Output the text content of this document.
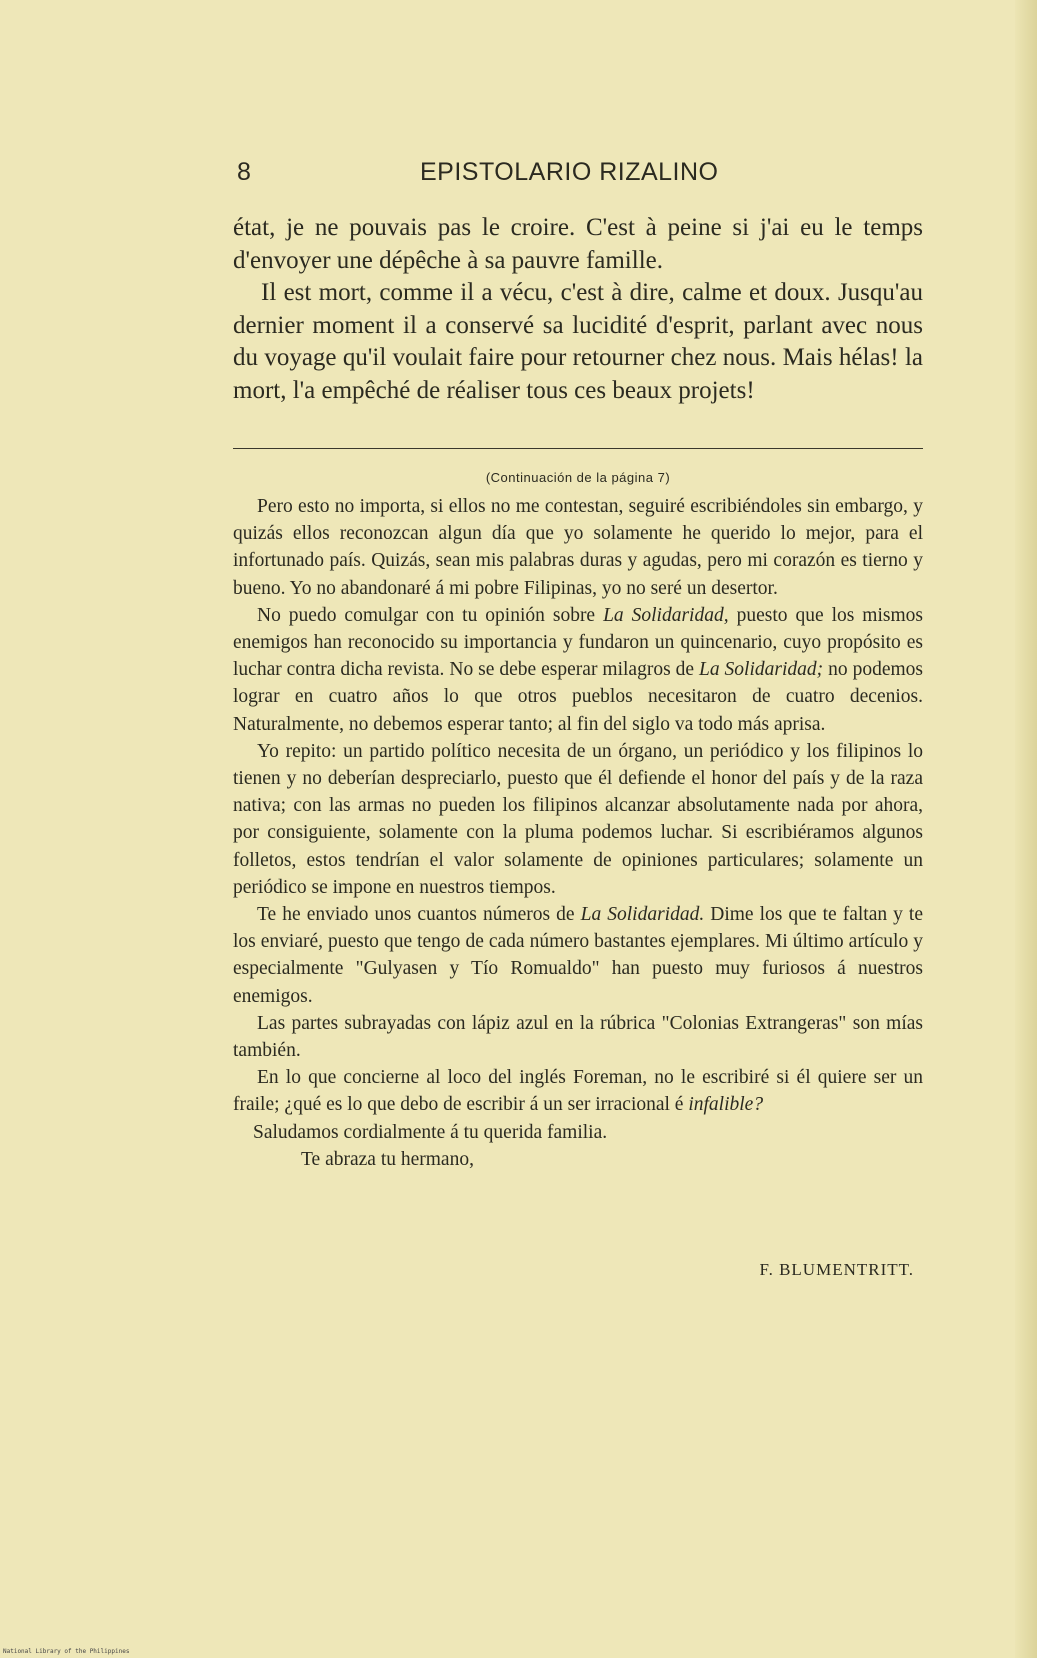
8	EPISTOLARIO RIZALINO

état, je ne pouvais pas le croire. C'est à peine si j'ai eu le temps d'envoyer une dépêche à sa pauvre famille.

Il est mort, comme il a vécu, c'est à dire, calme et doux. Jusqu'au dernier moment il a conservé sa lucidité d'esprit, parlant avec nous du voyage qu'il voulait faire pour retourner chez nous. Mais hélas! la mort, l'a empêché de réaliser tous ces beaux projets!

(Continuación de la página 7)

Pero esto no importa, si ellos no me contestan, seguiré escribiéndoles sin embargo, y quizás ellos reconozcan algun día que yo solamente he querido lo mejor, para el infortunado país. Quizás, sean mis palabras duras y agudas, pero mi corazón es tierno y bueno. Yo no abandonaré á mi pobre Filipinas, yo no seré un desertor.

No puedo comulgar con tu opinión sobre La Solidaridad, puesto que los mismos enemigos han reconocido su importancia y fundaron un quincenario, cuyo propósito es luchar contra dicha revista. No se debe esperar milagros de La Solidaridad; no podemos lograr en cuatro años lo que otros pueblos necesitaron de cuatro decenios. Naturalmente, no debemos esperar tanto; al fin del siglo va todo más aprisa.

Yo repito: un partido político necesita de un órgano, un periódico y los filipinos lo tienen y no deberían despreciarlo, puesto que él defiende el honor del país y de la raza nativa; con las armas no pueden los filipinos alcanzar absolutamente nada por ahora, por consiguiente, solamente con la pluma podemos luchar. Si escribiéramos algunos folletos, estos tendrían el valor solamente de opiniones particulares; solamente un periódico se impone en nuestros tiempos.

Te he enviado unos cuantos números de La Solidaridad. Dime los que te faltan y te los enviaré, puesto que tengo de cada número bastantes ejemplares. Mi último artículo y especialmente "Gulyasen y Tío Romualdo" han puesto muy furiosos á nuestros enemigos.

Las partes subrayadas con lápiz azul en la rúbrica "Colonias Extrangeras" son mías también.

En lo que concierne al loco del inglés Foreman, no le escribiré si él quiere ser un fraile; ¿qué es lo que debo de escribir á un ser irracional é infalible?

Saludamos cordialmente á tu querida familia.

Te abraza tu hermano,

F. BLUMENTRITT.
National Library of the Philippines
